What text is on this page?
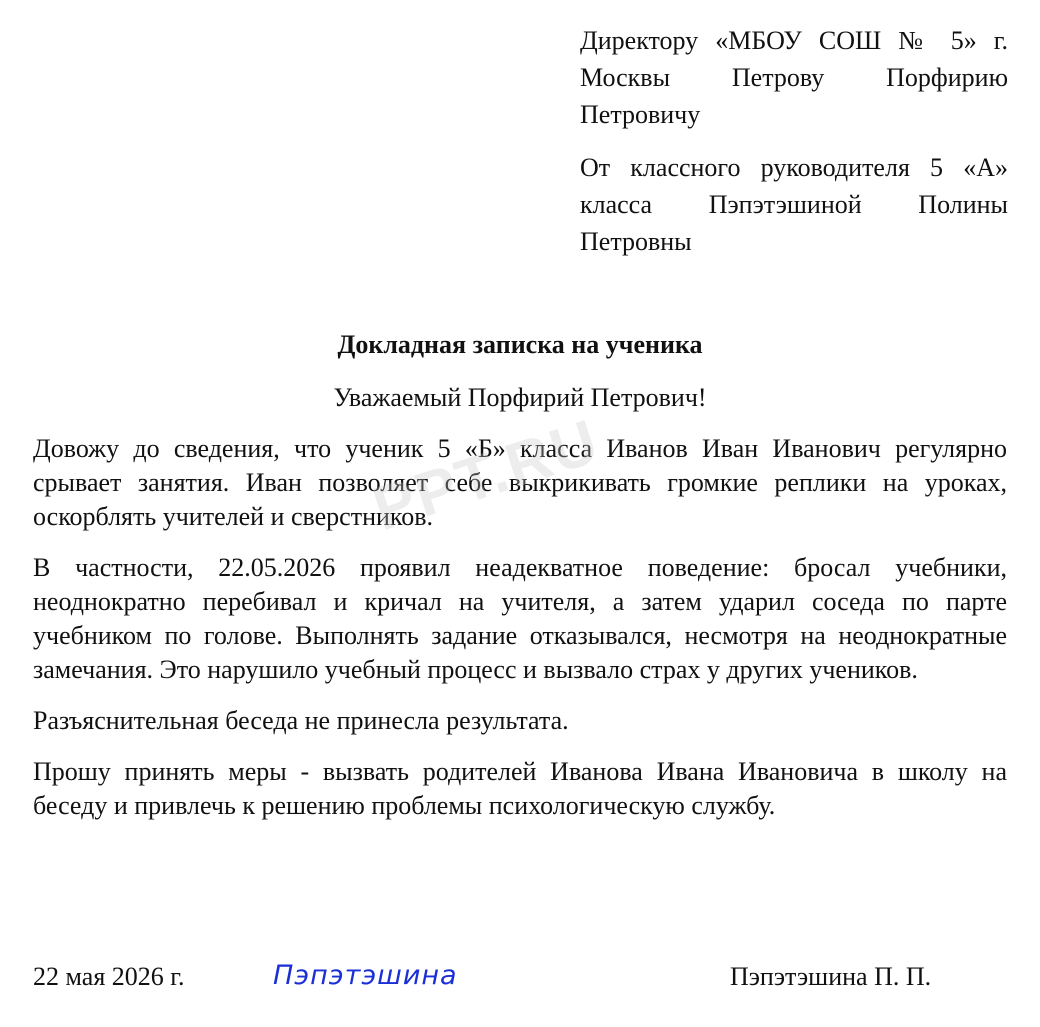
Директору «МБОУ СОШ № 5» г. Москвы Петрову Порфирию Петровичу

От классного руководителя 5 «А» класса Пэпэтэшиной Полины Петровны

Докладная записка на ученика

Уважаемый Порфирий Петрович!

Довожу до сведения, что ученик 5 «Б» класса Иванов Иван Иванович регулярно срывает занятия. Иван позволяет себе выкрикивать громкие реплики на уроках, оскорблять учителей и сверстников.

В частности, 22.05.2026 проявил неадекватное поведение: бросал учебники, неоднократно перебивал и кричал на учителя, а затем ударил соседа по парте учебником по голове. Выполнять задание отказывался, несмотря на неоднократные замечания. Это нарушило учебный процесс и вызвало страх у других учеников.

Разъяснительная беседа не принесла результата.

Прошу принять меры - вызвать родителей Иванова Ивана Ивановича в школу на беседу и привлечь к решению проблемы психологическую службу.

PPT.RU

22 мая 2026 г.	Пэпэтэшина	Пэпэтэшина П. П.
